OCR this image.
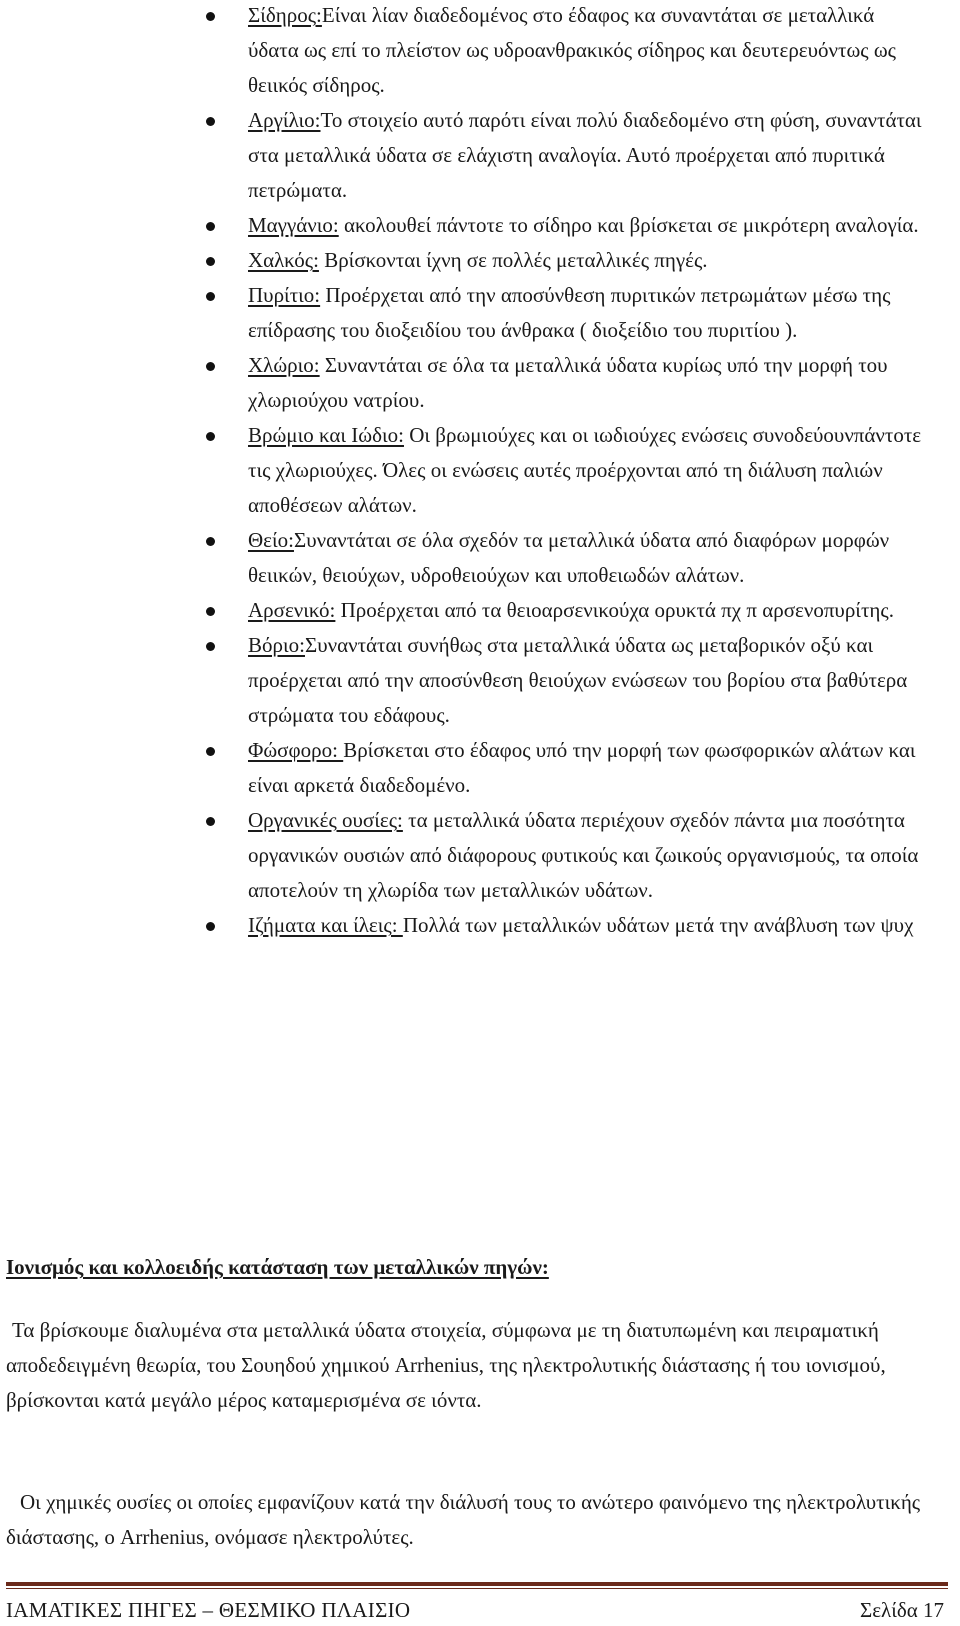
Σίδηρος:Είναι λίαν διαδεδομένος στο έδαφος κα συναντάται σε μεταλλικά ύδατα ως επί το πλείστον ως υδροανθρακικός σίδηρος και δευτερευόντως ως θειικός σίδηρος.
Αργίλιο:Το στοιχείο αυτό παρότι είναι πολύ διαδεδομένο στη φύση, συναντάται στα μεταλλικά ύδατα σε ελάχιστη αναλογία. Αυτό προέρχεται από πυριτικά πετρώματα.
Μαγγάνιο: ακολουθεί πάντοτε το σίδηρο και βρίσκεται σε μικρότερη αναλογία.
Χαλκός: Βρίσκονται ίχνη σε πολλές μεταλλικές πηγές.
Πυρίτιο: Προέρχεται από την αποσύνθεση πυριτικών πετρωμάτων μέσω της επίδρασης του διοξειδίου του άνθρακα ( διοξείδιο του πυριτίου ).
Χλώριο: Συναντάται σε όλα τα μεταλλικά ύδατα κυρίως υπό την μορφή του χλωριούχου νατρίου.
Βρώμιο και Ιώδιο: Οι βρωμιούχες και οι ιωδιούχες ενώσεις συνοδεύουνπάντοτε τις χλωριούχες. Όλες οι ενώσεις αυτές προέρχονται από τη διάλυση παλιών αποθέσεων αλάτων.
Θείο:Συναντάται σε όλα σχεδόν τα μεταλλικά ύδατα από διαφόρων μορφών θειικών, θειούχων, υδροθειούχων και υποθειωδών αλάτων.
Αρσενικό: Προέρχεται από τα θειοαρσενικούχα ορυκτά πχ π αρσενοπυρίτης.
Βόριο:Συναντάται συνήθως στα μεταλλικά ύδατα ως μεταβορικόν οξύ και προέρχεται από την αποσύνθεση θειούχων ενώσεων του βορίου στα βαθύτερα στρώματα του εδάφους.
Φώσφορο: Βρίσκεται στο έδαφος υπό την μορφή των φωσφορικών αλάτων και είναι αρκετά διαδεδομένο.
Οργανικές ουσίες: τα μεταλλικά ύδατα περιέχουν σχεδόν πάντα μια ποσότητα οργανικών ουσιών από διάφορους φυτικούς και ζωικούς οργανισμούς, τα οποία αποτελούν τη χλωρίδα των μεταλλικών υδάτων.
Ιζήματα και ίλεις: Πολλά των μεταλλικών υδάτων μετά την ανάβλυση των ψυχ
Ιονισμός και κολλοειδής κατάσταση των μεταλλικών πηγών:

Τα βρίσκουμε διαλυμένα στα μεταλλικά ύδατα στοιχεία, σύμφωνα με τη διατυπωμένη και πειραματική αποδεδειγμένη θεωρία, του Σουηδού χημικού Arrhenius, της ηλεκτρολυτικής διάστασης ή του ιονισμού, βρίσκονται κατά μεγάλο μέρος καταμερισμένα σε ιόντα.

Οι χημικές ουσίες οι οποίες εμφανίζουν κατά την διάλυσή τους το ανώτερο φαινόμενο της ηλεκτρολυτικής διάστασης, ο Arrhenius, ονόμασε ηλεκτρολύτες.

ΙΑΜΑΤΙΚΕΣ ΠΗΓΕΣ – ΘΕΣΜΙΚΟ ΠΛΑΙΣΙΟ	Σελίδα 17
